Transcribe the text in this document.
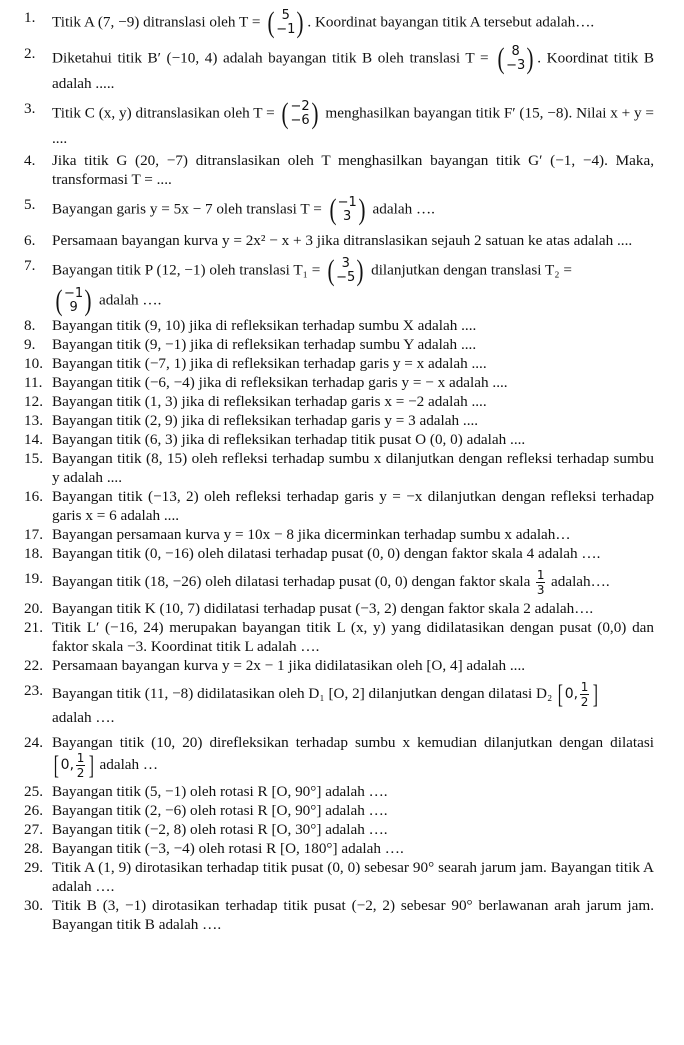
1.	Titik A (7, −9) ditranslasi oleh T = ( 5
−1 ) . Koordinat bayangan titik A tersebut adalah….
2.	Diketahui titik B′ (−10, 4) adalah bayangan titik B oleh translasi T = ( 8
−3 ) . Koordinat titik B adalah .....
3.	Titik C (x, y) ditranslasikan oleh T = ( −2
−6 ) menghasilkan bayangan titik F′ (15, −8). Nilai x + y = ....
4.	Jika titik G (20, −7) ditranslasikan oleh T menghasilkan bayangan titik G′ (−1, −4). Maka, transformasi T = ....
5.	Bayangan garis y = 5x − 7 oleh translasi T = ( −1
3 ) adalah ….
6.	Persamaan bayangan kurva y = 2x² − x + 3 jika ditranslasikan sejauh 2 satuan ke atas adalah ....
7.	Bayangan titik P (12, −1) oleh translasi T₁ = ( 3
−5 ) dilanjutkan dengan translasi T₂ =

( −1
9 ) adalah ….
8.	Bayangan titik (9, 10) jika di refleksikan terhadap sumbu X adalah ....
9.	Bayangan titik (9, −1) jika di refleksikan terhadap sumbu Y adalah ....
10. Bayangan titik (−7, 1) jika di refleksikan terhadap garis y = x adalah ....
11. Bayangan titik (−6, −4) jika di refleksikan terhadap garis y = − x adalah ....
12. Bayangan titik (1, 3) jika di refleksikan terhadap garis x = −2 adalah ....
13. Bayangan titik (2, 9) jika di refleksikan terhadap garis y = 3 adalah ....
14. Bayangan titik (6, 3) jika di refleksikan terhadap titik pusat O (0, 0) adalah ....
15. Bayangan titik (8, 15) oleh refleksi terhadap sumbu x dilanjutkan dengan refleksi terhadap sumbu y adalah ....
16. Bayangan titik (−13, 2) oleh refleksi terhadap garis y = −x dilanjutkan dengan refleksi terhadap garis x = 6 adalah ....
17. Bayangan persamaan kurva y = 10x − 8 jika dicerminkan terhadap sumbu x adalah…
18. Bayangan titik (0, −16) oleh dilatasi terhadap pusat (0, 0) dengan faktor skala 4 adalah ….
19. Bayangan titik (18, −26) oleh dilatasi terhadap pusat (0, 0) dengan faktor skala $\frac{1}{3}$ adalah….
20. Bayangan titik K (10, 7) didilatasi terhadap pusat (−3, 2) dengan faktor skala 2 adalah….
21. Titik L′ (−16, 24) merupakan bayangan titik L (x, y) yang didilatasikan dengan pusat (0,0) dan faktor skala −3. Koordinat titik L adalah ….
22. Persamaan bayangan kurva y = 2x − 1 jika didilatasikan oleh [O, 4] adalah ....
23. Bayangan titik (11, −8) didilatasikan oleh D₁ [O, 2] dilanjutkan dengan dilatasi D₂ [ 0, $\frac{1}{2}$ ]

adalah ….
24. Bayangan titik (10, 20) direfleksikan terhadap sumbu x kemudian dilanjutkan dengan dilatasi
[ 0, $\frac{1}{2}$ ] adalah …
25. Bayangan titik (5, −1) oleh rotasi R [O, 90°] adalah ….
26. Bayangan titik (2, −6) oleh rotasi R [O, 90°] adalah ….
27. Bayangan titik (−2, 8) oleh rotasi R [O, 30°] adalah ….
28. Bayangan titik (−3, −4) oleh rotasi R [O, 180°] adalah ….
29. Titik A (1, 9) dirotasikan terhadap titik pusat (0, 0) sebesar 90° searah jarum jam. Bayangan titik A adalah ….
30. Titik B (3, −1) dirotasikan terhadap titik pusat (−2, 2) sebesar 90° berlawanan arah jarum jam. Bayangan titik B adalah ….
